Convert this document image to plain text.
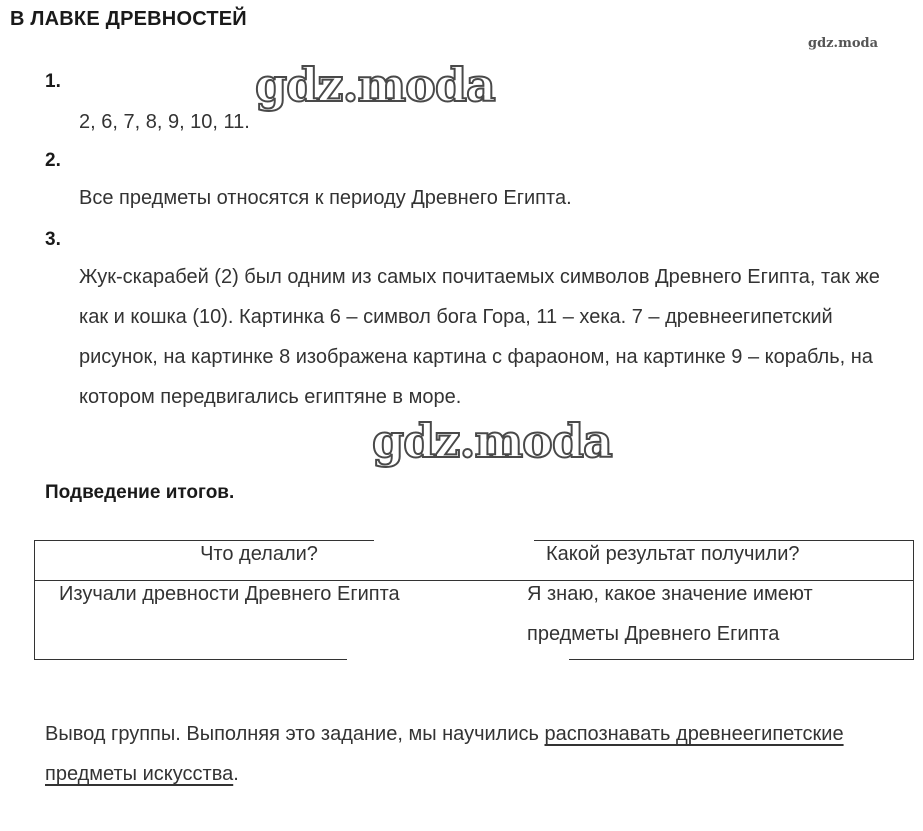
В ЛАВКЕ ДРЕВНОСТЕЙ
gdz.moda
gdz.moda
1.
2, 6, 7, 8, 9, 10, 11.
2.
Все предметы относятся к периоду Древнего Египта.
3.
Жук-скарабей (2) был одним из самых почитаемых символов Древнего Египта, так же как и кошка (10). Картинка 6 – символ бога Гора, 11 – хека. 7 – древнеегипетский рисунок, на картинке 8 изображена картина с фараоном, на картинке 9 – корабль, на котором передвигались египтяне в море.
gdz.moda
Подведение итогов.
Что делали?	Какой результат получили?
Изучали древности Древнего Египта	Я знаю, какое значение имеют предметы Древнего Египта
Вывод группы. Выполняя это задание, мы научились распознавать древнеегипетские предметы искусства.
